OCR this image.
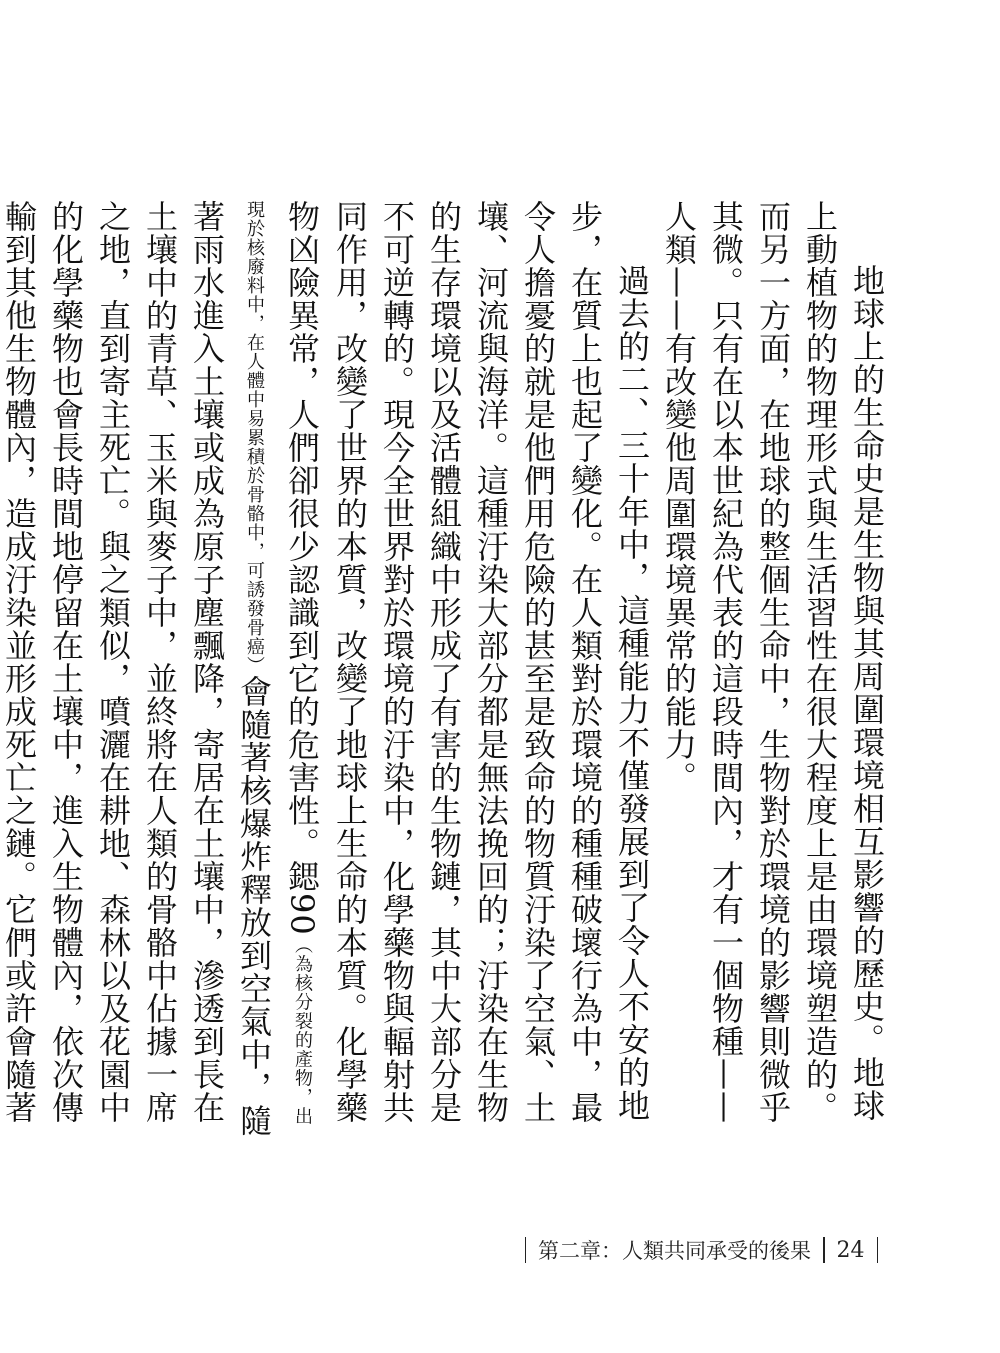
地球上的生命史是生物與其周圍環境相互影響的歷史。地球上動植物的物理形式與生活習性在很大程度上是由環境塑造的。而另一方面，在地球的整個生命中，生物對於環境的影響則微乎其微。只有在以本世紀為代表的這段時間內，才有一個物種——人類——有改變他周圍環境異常的能力。

過去的二、三十年中，這種能力不僅發展到了令人不安的地步，在質上也起了變化。在人類對於環境的種種破壞行為中，最令人擔憂的就是他們用危險的甚至是致命的物質汙染了空氣、土壤、河流與海洋。這種汙染大部分都是無法挽回的；汙染在生物的生存環境以及活體組織中形成了有害的生物鏈，其中大部分是不可逆轉的。現今全世界對於環境的汙染中，化學藥物與輻射共同作用，改變了世界的本質，改變了地球上生命的本質。化學藥物凶險異常，人們卻很少認識到它的危害性。鍶90（為核分裂的產物，出現於核廢料中，在人體中易累積於骨骼中，可誘發骨癌）會隨著核爆炸釋放到空氣中，隨著雨水進入土壤或成為原子塵飄降，寄居在土壤中，滲透到長在土壤中的青草、玉米與麥子中，並終將在人類的骨骼中佔據一席之地，直到寄主死亡。與之類似，噴灑在耕地、森林以及花園中的化學藥物也會長時間地停留在土壤中，進入生物體內，依次傳輸到其他生物體內，造成汙染並形成死亡之鏈。它們或許會隨著

第二章：人類共同承受的後果 24
